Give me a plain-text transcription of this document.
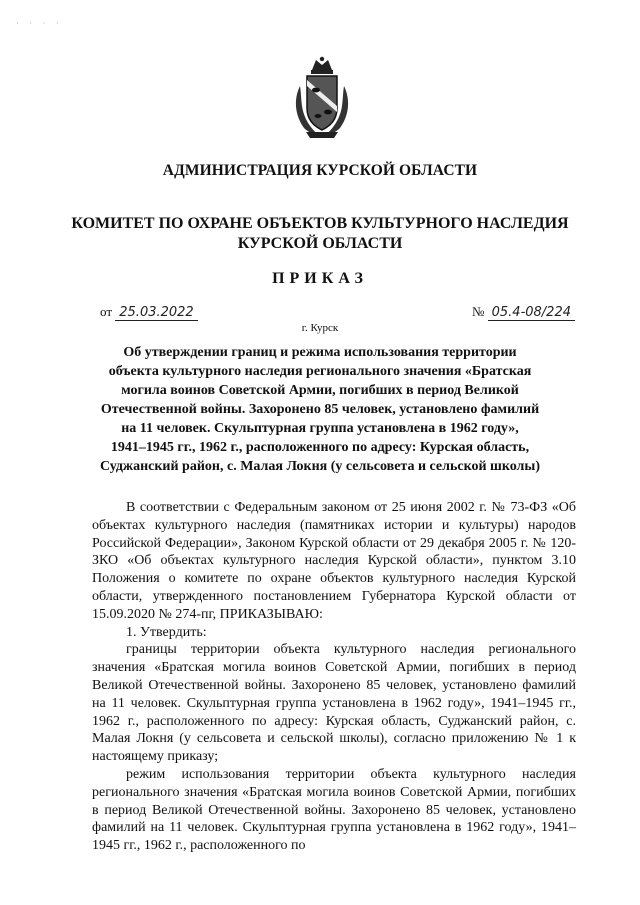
· · · ·
АДМИНИСТРАЦИЯ КУРСКОЙ ОБЛАСТИ
КОМИТЕТ ПО ОХРАНЕ ОБЪЕКТОВ КУЛЬТУРНОГО НАСЛЕДИЯ
КУРСКОЙ ОБЛАСТИ
ПРИКАЗ
от 25.03.2022	№ 05.4-08/224
г. Курск
Об утверждении границ и режима использования территории
объекта культурного наследия регионального значения «Братская
могила воинов Советской Армии, погибших в период Великой
Отечественной войны. Захоронено 85 человек, установлено фамилий
на 11 человек. Скульптурная группа установлена в 1962 году»,
1941–1945 гг., 1962 г., расположенного по адресу: Курская область,
Суджанский район, с. Малая Локня (у сельсовета и сельской школы)

В соответствии с Федеральным законом от 25 июня 2002 г. № 73-ФЗ «Об объектах культурного наследия (памятниках истории и культуры) народов Российской Федерации», Законом Курской области от 29 декабря 2005 г. № 120-ЗКО «Об объектах культурного наследия Курской области», пунктом 3.10 Положения о комитете по охране объектов культурного наследия Курской области, утвержденного постановлением Губернатора Курской области от 15.09.2020 № 274-пг, ПРИКАЗЫВАЮ:

1. Утвердить:

границы территории объекта культурного наследия регионального значения «Братская могила воинов Советской Армии, погибших в период Великой Отечественной войны. Захоронено 85 человек, установлено фамилий на 11 человек. Скульптурная группа установлена в 1962 году», 1941–1945 гг., 1962 г., расположенного по адресу: Курская область, Суджанский район, с. Малая Локня (у сельсовета и сельской школы), согласно приложению № 1 к настоящему приказу;

режим использования территории объекта культурного наследия регионального значения «Братская могила воинов Советской Армии, погибших в период Великой Отечественной войны. Захоронено 85 человек, установлено фамилий на 11 человек. Скульптурная группа установлена в 1962 году», 1941–1945 гг., 1962 г., расположенного по
